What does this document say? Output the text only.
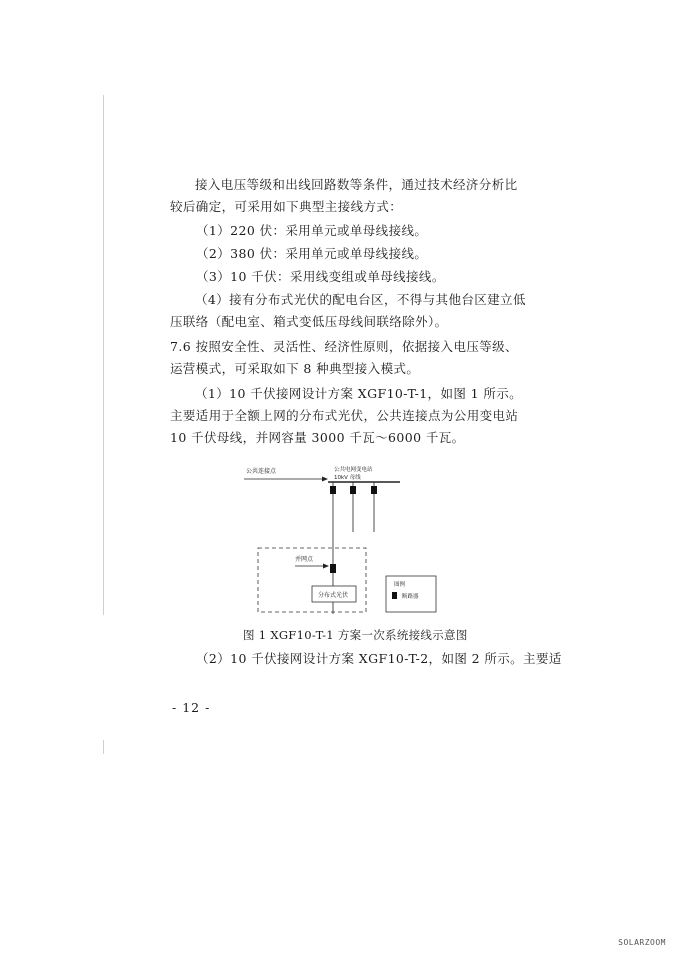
接入电压等级和出线回路数等条件，通过技术经济分析比较后确定，可采用如下典型主接线方式：

（1）220 伏：采用单元或单母线接线。
（2）380 伏：采用单元或单母线接线。
（3）10 千伏：采用线变组或单母线接线。

（4）接有分布式光伏的配电台区，不得与其他台区建立低压联络（配电室、箱式变低压母线间联络除外）。

7.6 按照安全性、灵活性、经济性原则，依据接入电压等级、运营模式，可采取如下 8 种典型接入模式。

（1）10 千伏接网设计方案 XGF10-T-1，如图 1 所示。主要适用于全额上网的分布式光伏，公共连接点为公用变电站 10 千伏母线，并网容量 3000 千瓦～6000 千瓦。

公共连接点	公共电网变电站
10kV 母线
并网点
分布式光伏
图例
断路器
图 1 XGF10-T-1 方案一次系统接线示意图
（2）10 千伏接网设计方案 XGF10-T-2，如图 2 所示。主要适
- 12 -
SOLARZOOM
